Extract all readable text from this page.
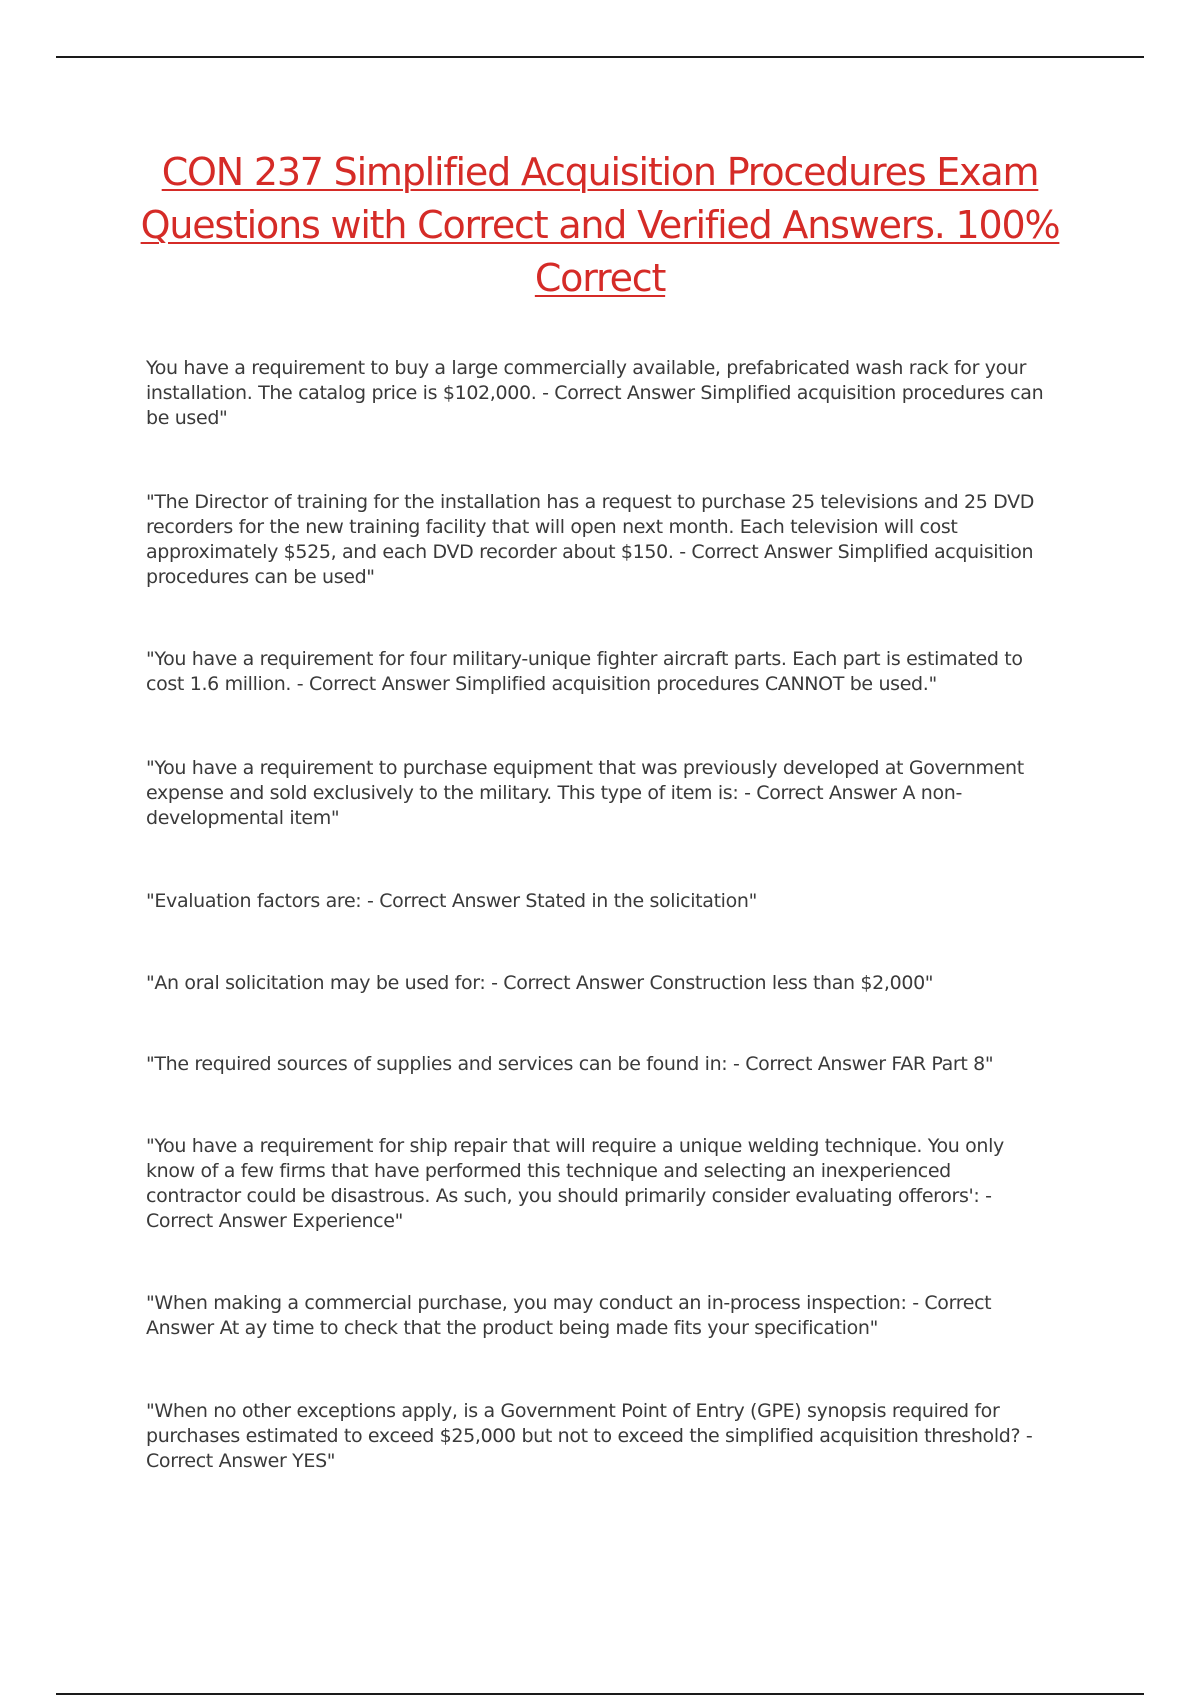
CON 237 Simplified Acquisition Procedures Exam Questions with Correct and Verified Answers. 100% Correct

You have a requirement to buy a large commercially available, prefabricated wash rack for your installation. The catalog price is $102,000. - Correct Answer Simplified acquisition procedures can be used"

"The Director of training for the installation has a request to purchase 25 televisions and 25 DVD recorders for the new training facility that will open next month. Each television will cost approximately $525, and each DVD recorder about $150. - Correct Answer Simplified acquisition procedures can be used"

"You have a requirement for four military-unique fighter aircraft parts. Each part is estimated to cost 1.6 million. - Correct Answer Simplified acquisition procedures CANNOT be used."

"You have a requirement to purchase equipment that was previously developed at Government expense and sold exclusively to the military. This type of item is: - Correct Answer A non-developmental item"

"Evaluation factors are: - Correct Answer Stated in the solicitation"

"An oral solicitation may be used for: - Correct Answer Construction less than $2,000"

"The required sources of supplies and services can be found in: - Correct Answer FAR Part 8"

"You have a requirement for ship repair that will require a unique welding technique. You only know of a few firms that have performed this technique and selecting an inexperienced contractor could be disastrous. As such, you should primarily consider evaluating offerors': - Correct Answer Experience"

"When making a commercial purchase, you may conduct an in-process inspection: - Correct Answer At ay time to check that the product being made fits your specification"

"When no other exceptions apply, is a Government Point of Entry (GPE) synopsis required for purchases estimated to exceed $25,000 but not to exceed the simplified acquisition threshold? - Correct Answer YES"
